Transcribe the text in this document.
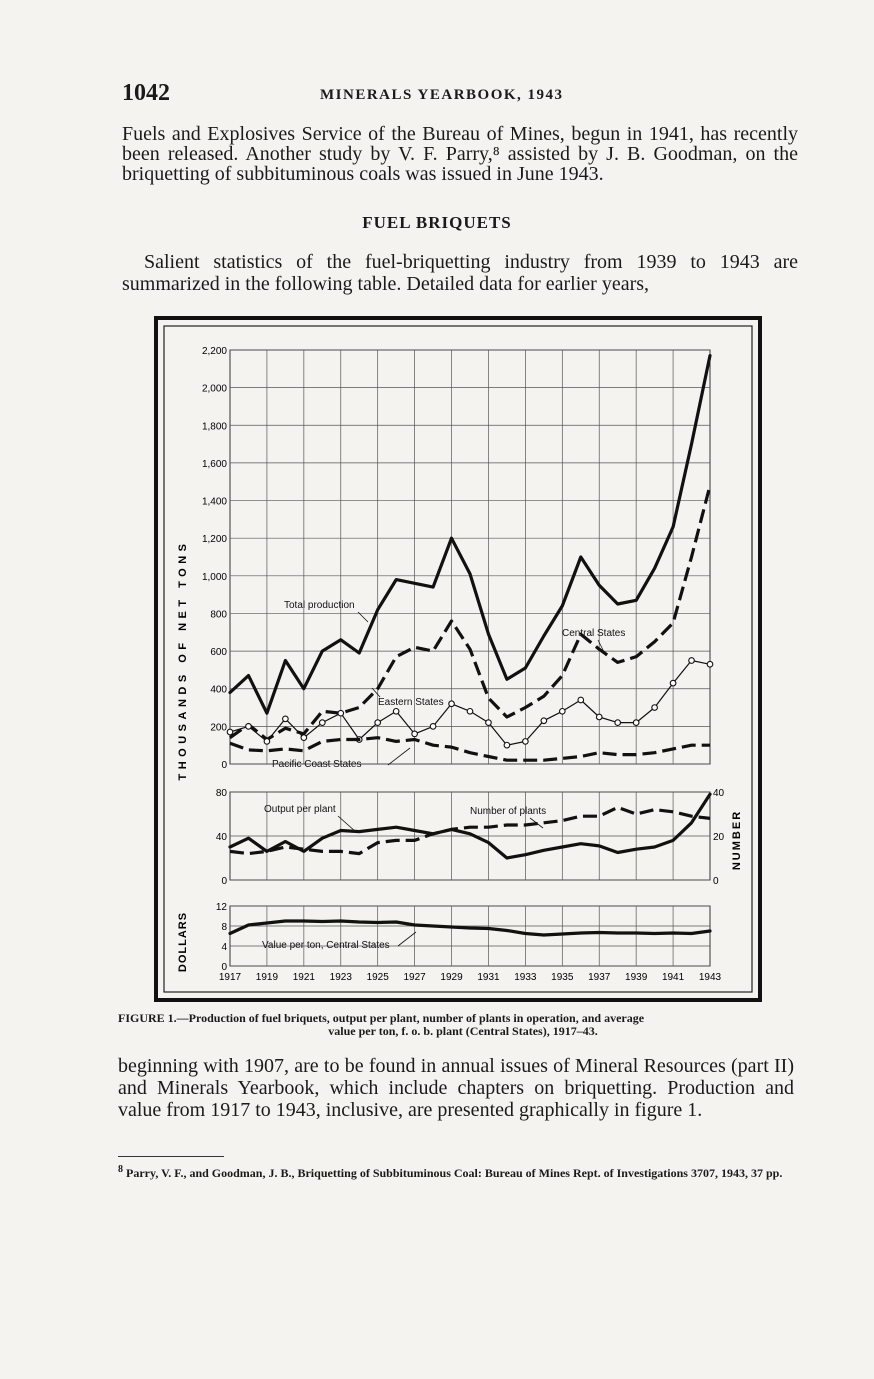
1042	MINERALS YEARBOOK, 1943
Fuels and Explosives Service of the Bureau of Mines, begun in 1941, has recently been released. Another study by V. F. Parry,⁸ assisted by J. B. Goodman, on the briquetting of subbituminous coals was issued in June 1943.
FUEL BRIQUETS
Salient statistics of the fuel-briquetting industry from 1939 to 1943 are summarized in the following table. Detailed data for earlier years,
0
200
400
600
800
1,000
1,200
1,400
1,600
1,800
2,000
2,200
0
40
80
0
20
40
0
4
8
12
1917 1919 1921 1923 1925 1927 1929 1931 1933 1935 1937 1939 1941 1943
THOUSANDS OF NET TONS
NUMBER
DOLLARS
Total production
Central States
Eastern States
Pacific Coast States
Output per plant	Number of plants
Value per ton, Central States
FIGURE 1.—Production of fuel briquets, output per plant, number of plants in operation, and average
value per ton, f. o. b. plant (Central States), 1917–43.
beginning with 1907, are to be found in annual issues of Mineral Resources (part II) and Minerals Yearbook, which include chapters on briquetting. Production and value from 1917 to 1943, inclusive, are presented graphically in figure 1.
$^8$ Parry, V. F., and Goodman, J. B., Briquetting of Subbituminous Coal: Bureau of Mines Rept. of Investigations 3707, 1943, 37 pp.
